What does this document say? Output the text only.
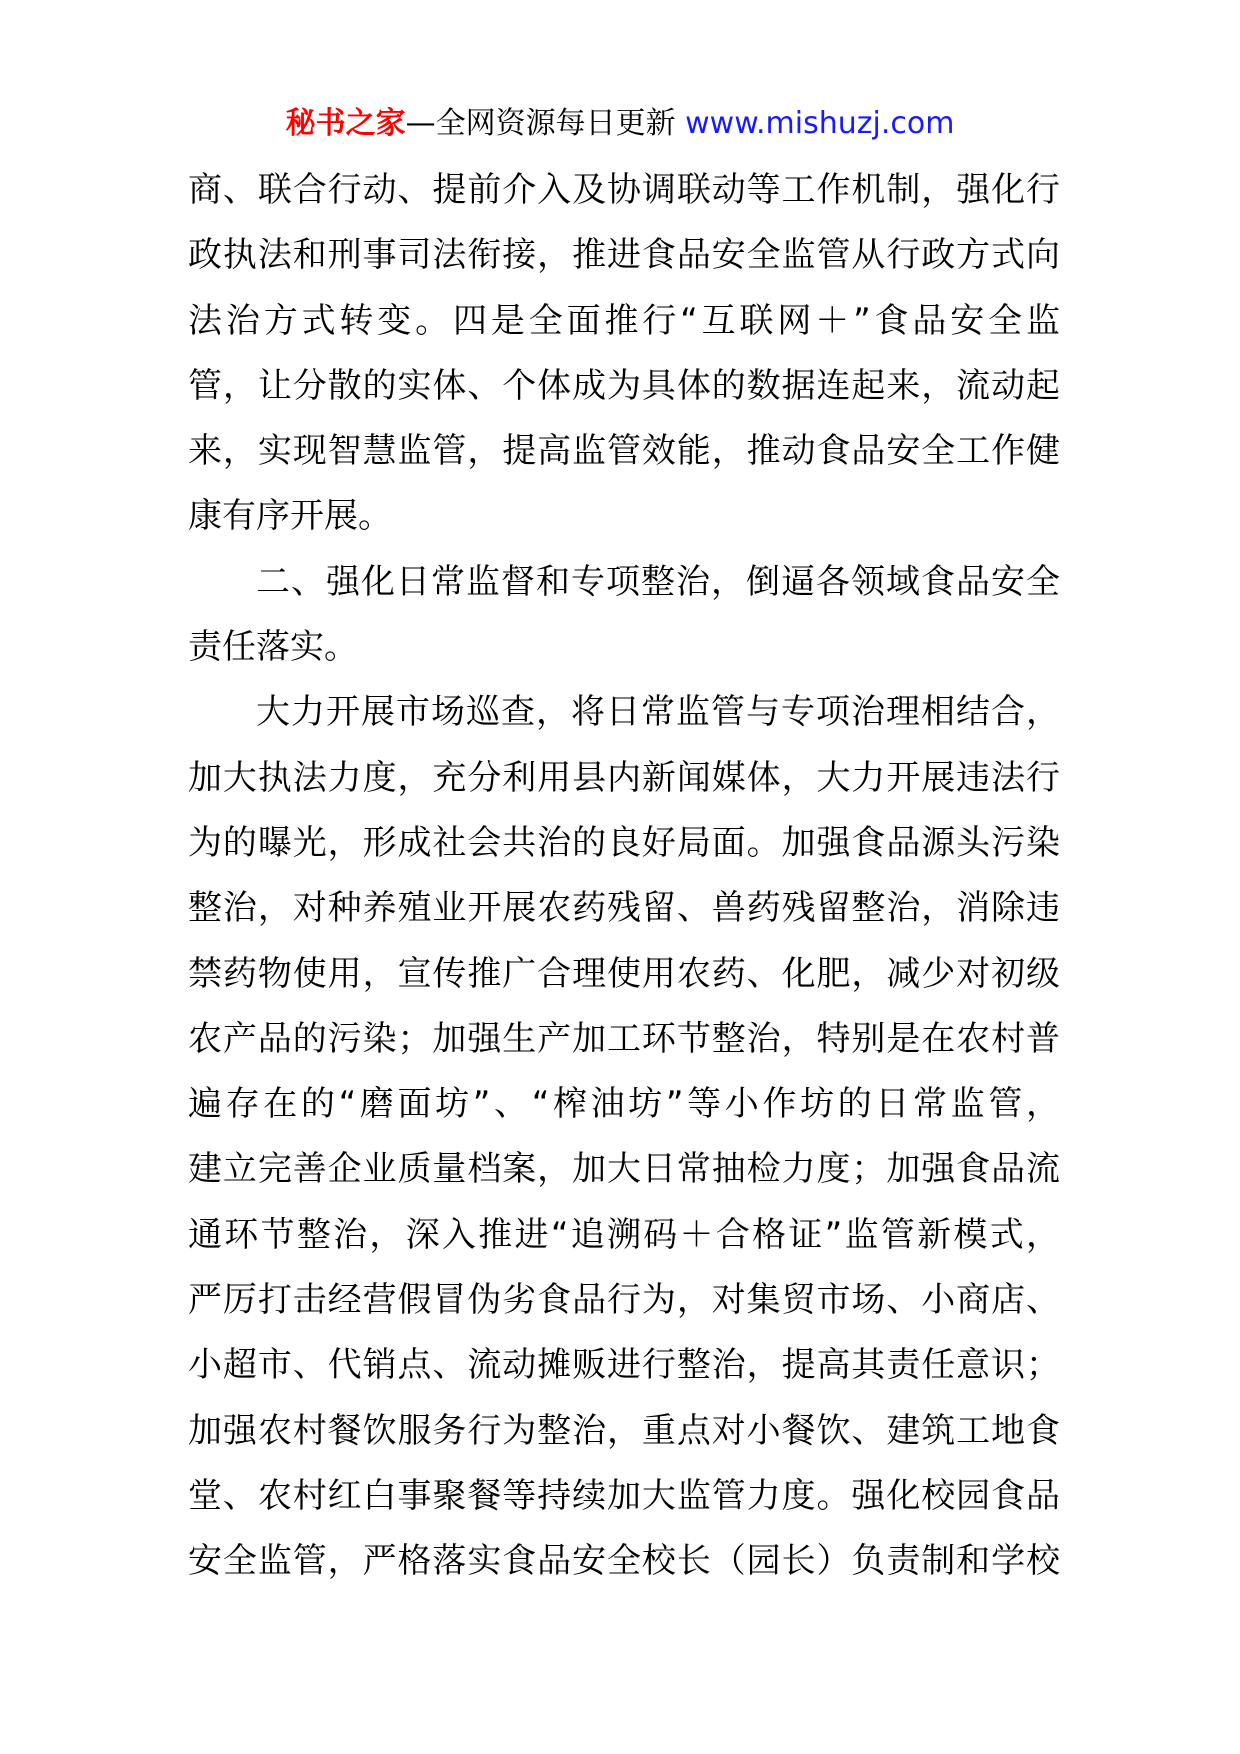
秘书之家—全网资源每日更新 www.mishuzj.com
商、联合行动、提前介入及协调联动等工作机制，强化行
政执法和刑事司法衔接，推进食品安全监管从行政方式向
法治方式转变。四是全面推行“互联网＋”食品安全监
管，让分散的实体、个体成为具体的数据连起来，流动起
来，实现智慧监管，提高监管效能，推动食品安全工作健
康有序开展。
二、强化日常监督和专项整治，倒逼各领域食品安全
责任落实。
大力开展市场巡查，将日常监管与专项治理相结合，
加大执法力度，充分利用县内新闻媒体，大力开展违法行
为的曝光，形成社会共治的良好局面。加强食品源头污染
整治，对种养殖业开展农药残留、兽药残留整治，消除违
禁药物使用，宣传推广合理使用农药、化肥，减少对初级
农产品的污染；加强生产加工环节整治，特别是在农村普
遍存在的“磨面坊”、“榨油坊”等小作坊的日常监管，
建立完善企业质量档案，加大日常抽检力度；加强食品流
通环节整治，深入推进“追溯码＋合格证”监管新模式，
严厉打击经营假冒伪劣食品行为，对集贸市场、小商店、
小超市、代销点、流动摊贩进行整治，提高其责任意识；
加强农村餐饮服务行为整治，重点对小餐饮、建筑工地食
堂、农村红白事聚餐等持续加大监管力度。强化校园食品
安全监管，严格落实食品安全校长（园长）负责制和学校
